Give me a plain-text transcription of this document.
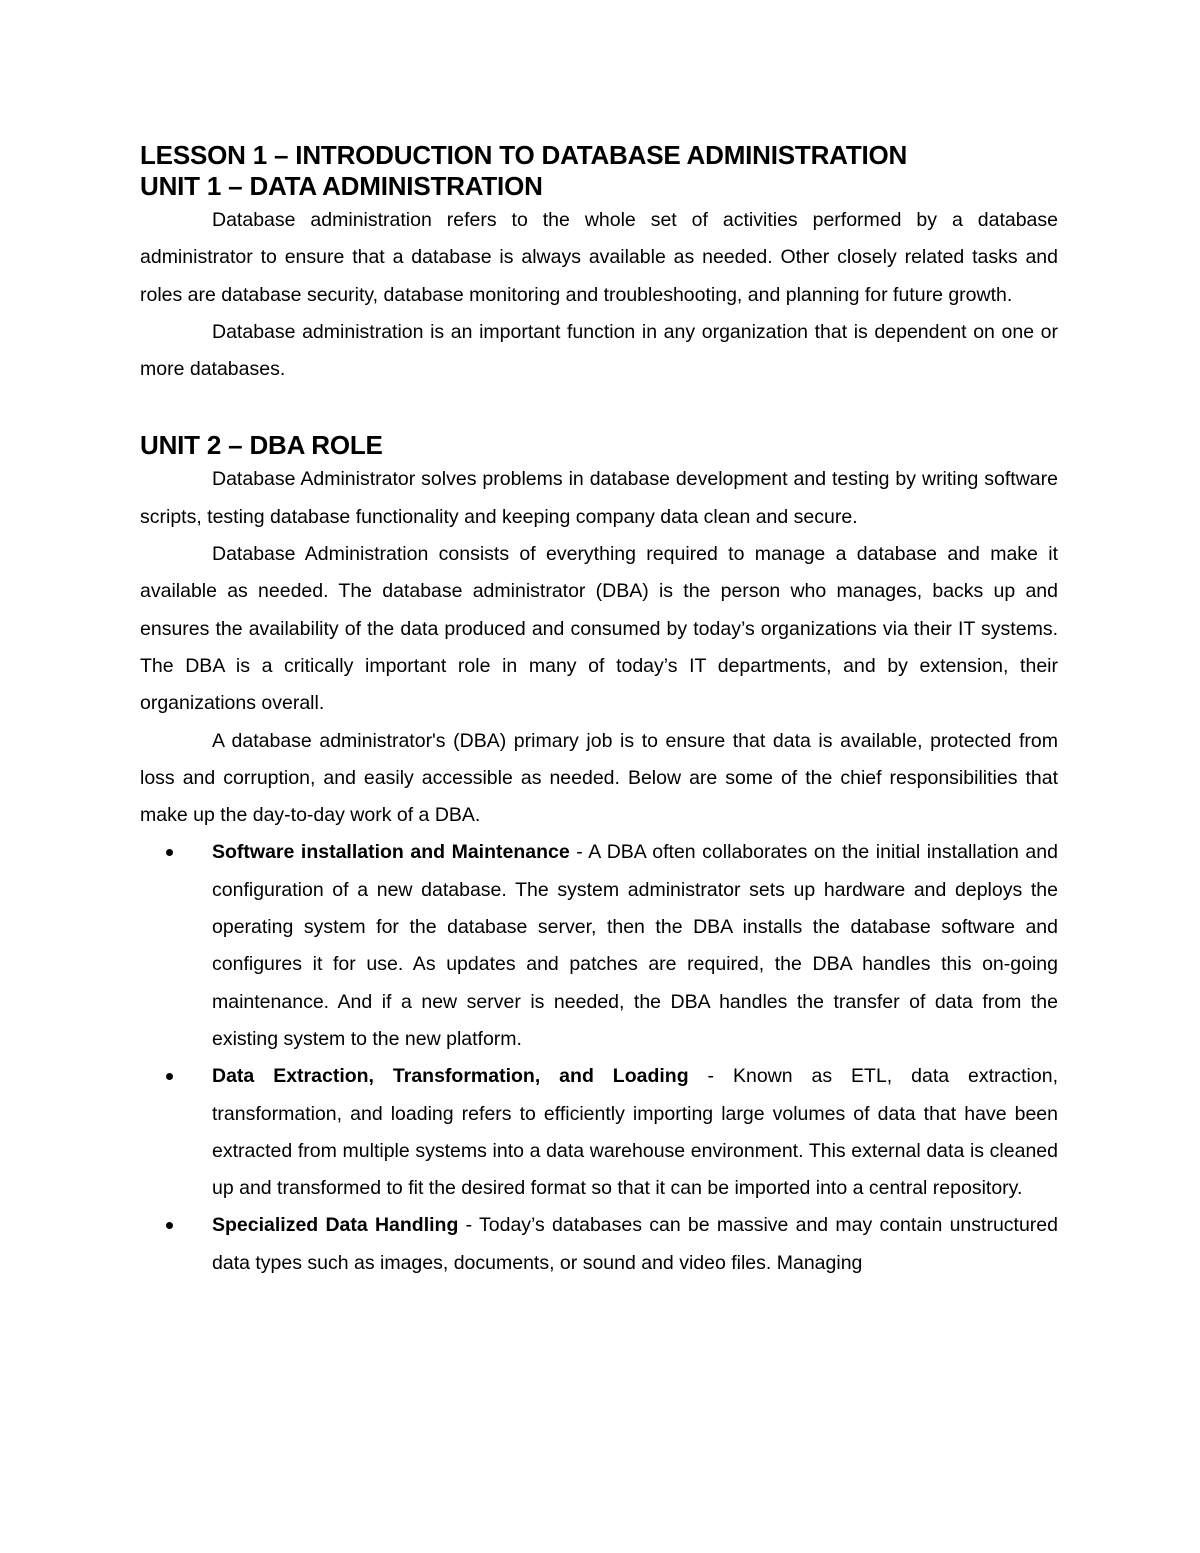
LESSON 1 – INTRODUCTION TO DATABASE ADMINISTRATION
UNIT 1 – DATA ADMINISTRATION

Database administration refers to the whole set of activities performed by a database administrator to ensure that a database is always available as needed. Other closely related tasks and roles are database security, database monitoring and troubleshooting, and planning for future growth.

Database administration is an important function in any organization that is dependent on one or more databases.

UNIT 2 – DBA ROLE

Database Administrator solves problems in database development and testing by writing software scripts, testing database functionality and keeping company data clean and secure.

Database Administration consists of everything required to manage a database and make it available as needed. The database administrator (DBA) is the person who manages, backs up and ensures the availability of the data produced and consumed by today’s organizations via their IT systems. The DBA is a critically important role in many of today’s IT departments, and by extension, their organizations overall.

A database administrator's (DBA) primary job is to ensure that data is available, protected from loss and corruption, and easily accessible as needed. Below are some of the chief responsibilities that make up the day-to-day work of a DBA.

Software installation and Maintenance - A DBA often collaborates on the initial installation and configuration of a new database. The system administrator sets up hardware and deploys the operating system for the database server, then the DBA installs the database software and configures it for use. As updates and patches are required, the DBA handles this on-going maintenance. And if a new server is needed, the DBA handles the transfer of data from the existing system to the new platform.
Data Extraction, Transformation, and Loading - Known as ETL, data extraction, transformation, and loading refers to efficiently importing large volumes of data that have been extracted from multiple systems into a data warehouse environment. This external data is cleaned up and transformed to fit the desired format so that it can be imported into a central repository.
Specialized Data Handling - Today’s databases can be massive and may contain unstructured data types such as images, documents, or sound and video files. Managing
